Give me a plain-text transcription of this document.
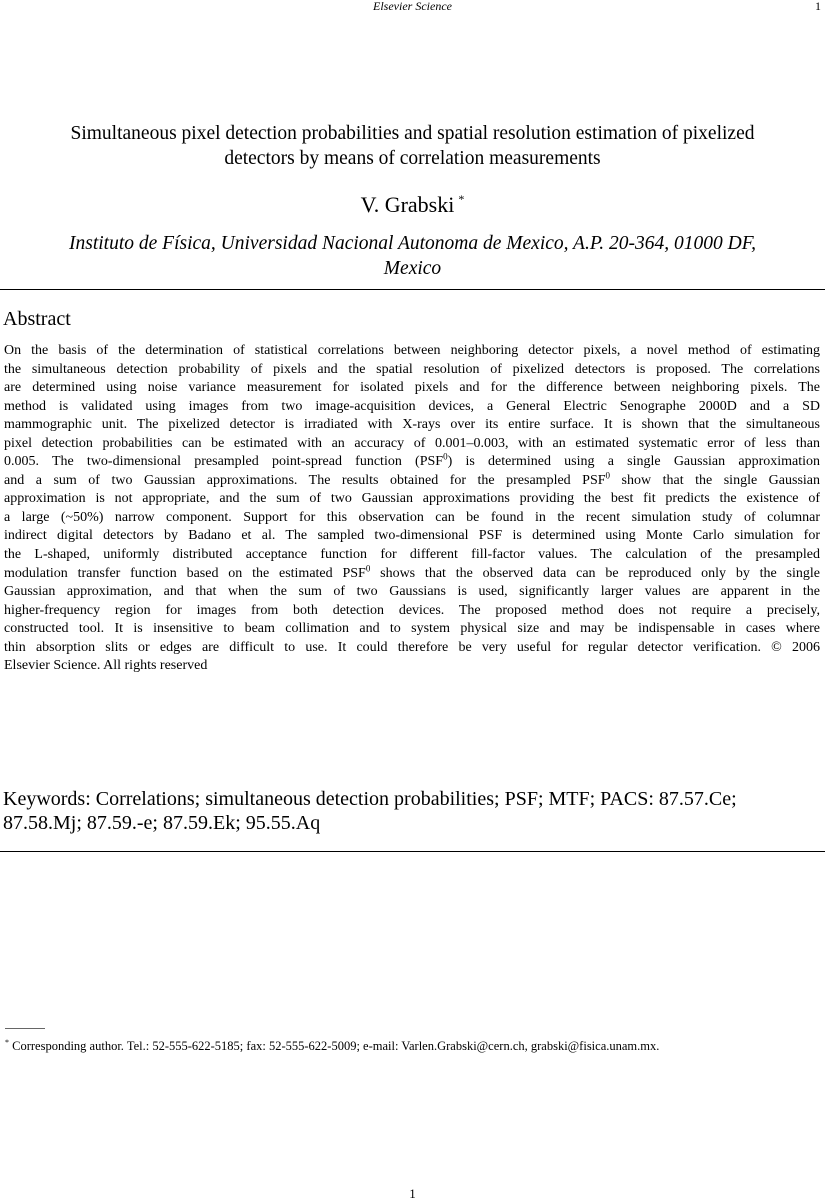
Elsevier Science	1
Simultaneous pixel detection probabilities and spatial resolution estimation of pixelized
detectors by means of correlation measurements
V. Grabski *
Instituto de Física, Universidad Nacional Autonoma de Mexico, A.P. 20-364, 01000 DF,
Mexico
Abstract
On the basis of the determination of statistical correlations between neighboring detector pixels, a novel method of estimating
the simultaneous detection probability of pixels and the spatial resolution of pixelized detectors is proposed. The correlations
are determined using noise variance measurement for isolated pixels and for the difference between neighboring pixels. The
method is validated using images from two image-acquisition devices, a General Electric Senographe 2000D and a SD
mammographic unit. The pixelized detector is irradiated with X-rays over its entire surface. It is shown that the simultaneous
pixel detection probabilities can be estimated with an accuracy of 0.001–0.003, with an estimated systematic error of less than
0.005. The two-dimensional presampled point-spread function (PSF$^0$) is determined using a single Gaussian approximation
and a sum of two Gaussian approximations. The results obtained for the presampled PSF$^0$ show that the single Gaussian
approximation is not appropriate, and the sum of two Gaussian approximations providing the best fit predicts the existence of
a large (~50%) narrow component. Support for this observation can be found in the recent simulation study of columnar
indirect digital detectors by Badano et al. The sampled two-dimensional PSF is determined using Monte Carlo simulation for
the L-shaped, uniformly distributed acceptance function for different fill-factor values. The calculation of the presampled
modulation transfer function based on the estimated PSF$^0$ shows that the observed data can be reproduced only by the single
Gaussian approximation, and that when the sum of two Gaussians is used, significantly larger values are apparent in the
higher-frequency region for images from both detection devices. The proposed method does not require a precisely,
constructed tool. It is insensitive to beam collimation and to system physical size and may be indispensable in cases where
thin absorption slits or edges are difficult to use. It could therefore be very useful for regular detector verification. © 2006
Elsevier Science. All rights reserved
Keywords: Correlations; simultaneous detection probabilities; PSF; MTF; PACS: 87.57.Ce;
87.58.Mj; 87.59.-e; 87.59.Ek; 95.55.Aq
* Corresponding author. Tel.: 52-555-622-5185; fax: 52-555-622-5009; e-mail: Varlen.Grabski@cern.ch, grabski@fisica.unam.mx.
1
